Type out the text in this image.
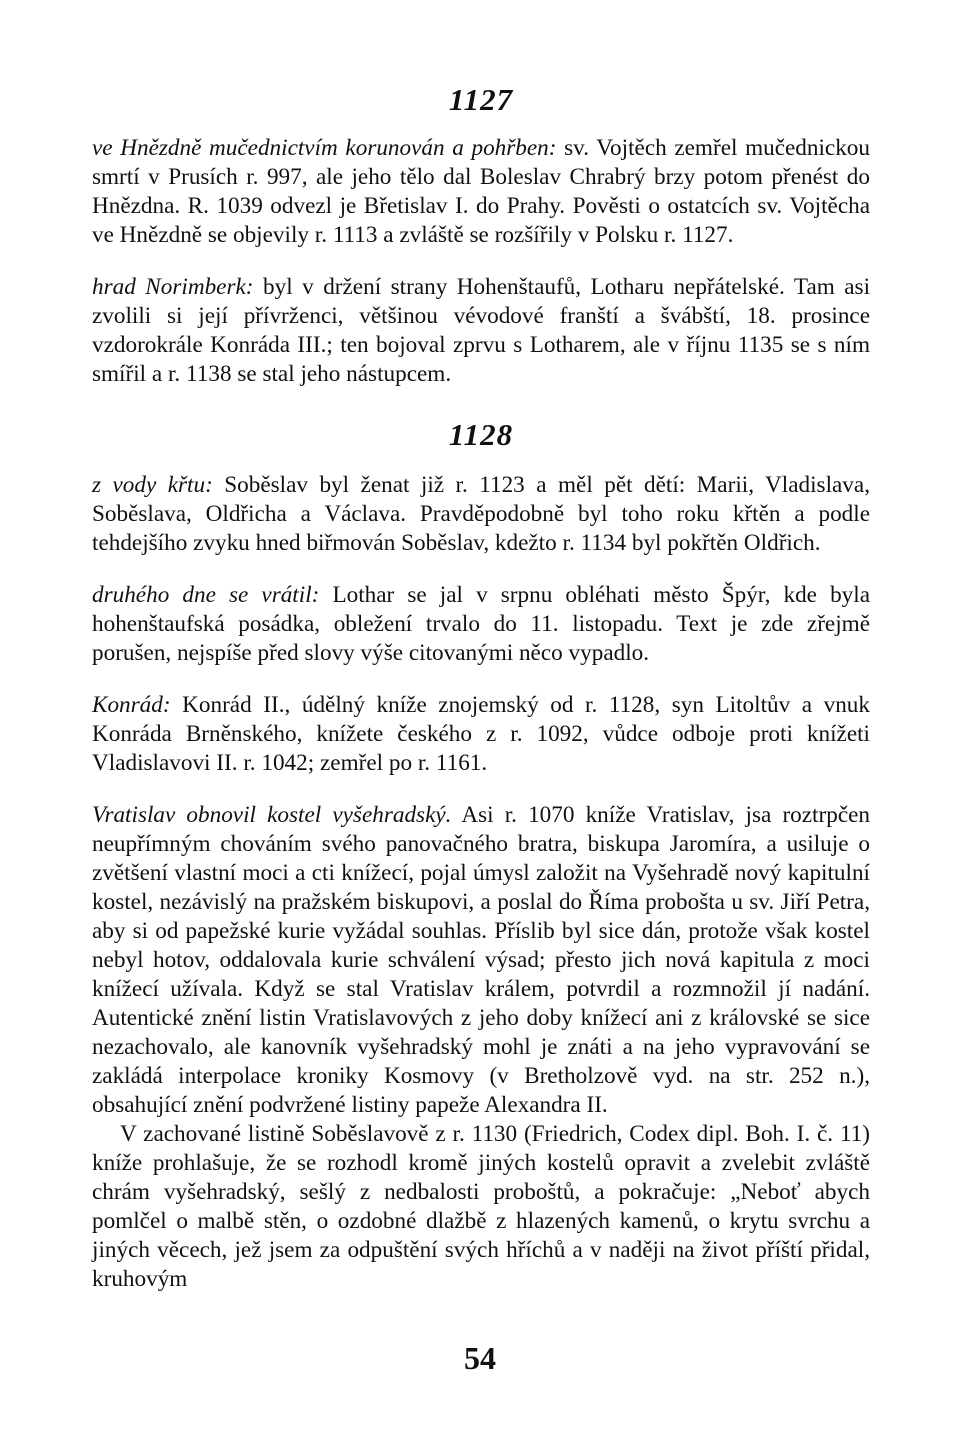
1127

ve Hnězdně mučednictvím korunován a pohřben: sv. Vojtěch zemřel mučednickou smrtí v Prusích r. 997, ale jeho tělo dal Boleslav Chrabrý brzy potom přenést do Hnězdna. R. 1039 odvezl je Břetislav I. do Prahy. Pověsti o ostatcích sv. Vojtěcha ve Hnězdně se objevily r. 1113 a zvláště se rozšířily v Polsku r. 1127.

hrad Norimberk: byl v držení strany Hohenštaufů, Lotharu nepřátelské. Tam asi zvolili si její přívrženci, většinou vévodové franští a švábští, 18. prosince vzdorokrále Konráda III.; ten bojoval zprvu s Lotharem, ale v říjnu 1135 se s ním smířil a r. 1138 se stal jeho nástupcem.

1128

z vody křtu: Soběslav byl ženat již r. 1123 a měl pět dětí: Marii, Vladislava, Soběslava, Oldřicha a Václava. Pravděpodobně byl toho roku křtěn a podle tehdejšího zvyku hned biřmován Soběslav, kdežto r. 1134 byl pokřtěn Oldřich.

druhého dne se vrátil: Lothar se jal v srpnu obléhati město Špýr, kde byla hohenštaufská posádka, obležení trvalo do 11. listopadu. Text je zde zřejmě porušen, nejspíše před slovy výše citovanými něco vypadlo.

Konrád: Konrád II., údělný kníže znojemský od r. 1128, syn Litoltův a vnuk Konráda Brněnského, knížete českého z r. 1092, vůdce odboje proti knížeti Vladislavovi II. r. 1042; zemřel po r. 1161.

Vratislav obnovil kostel vyšehradský. Asi r. 1070 kníže Vratislav, jsa roztrpčen neupřímným chováním svého panovačného bratra, biskupa Jaromíra, a usiluje o zvětšení vlastní moci a cti knížecí, pojal úmysl založit na Vyšehradě nový kapitulní kostel, nezávislý na pražském biskupovi, a poslal do Říma probošta u sv. Jiří Petra, aby si od papežské kurie vyžádal souhlas. Příslib byl sice dán, protože však kostel nebyl hotov, oddalovala kurie schválení výsad; přesto jich nová kapitula z moci knížecí užívala. Když se stal Vratislav králem, potvrdil a rozmnožil jí nadání. Autentické znění listin Vratislavových z jeho doby knížecí ani z královské se sice nezachovalo, ale kanovník vyšehradský mohl je znáti a na jeho vypravování se zakládá interpolace kroniky Kosmovy (v Bretholzově vyd. na str. 252 n.), obsahující znění podvržené listiny papeže Alexandra II.

V zachované listině Soběslavově z r. 1130 (Friedrich, Codex dipl. Boh. I. č. 11) kníže prohlašuje, že se rozhodl kromě jiných kostelů opravit a zvelebit zvláště chrám vyšehradský, sešlý z nedbalosti proboštů, a pokračuje: „Neboť abych pomlčel o malbě stěn, o ozdobné dlažbě z hlazených kamenů, o krytu svrchu a jiných věcech, jež jsem za odpuštění svých hříchů a v naději na život příští přidal, kruhovým

54
